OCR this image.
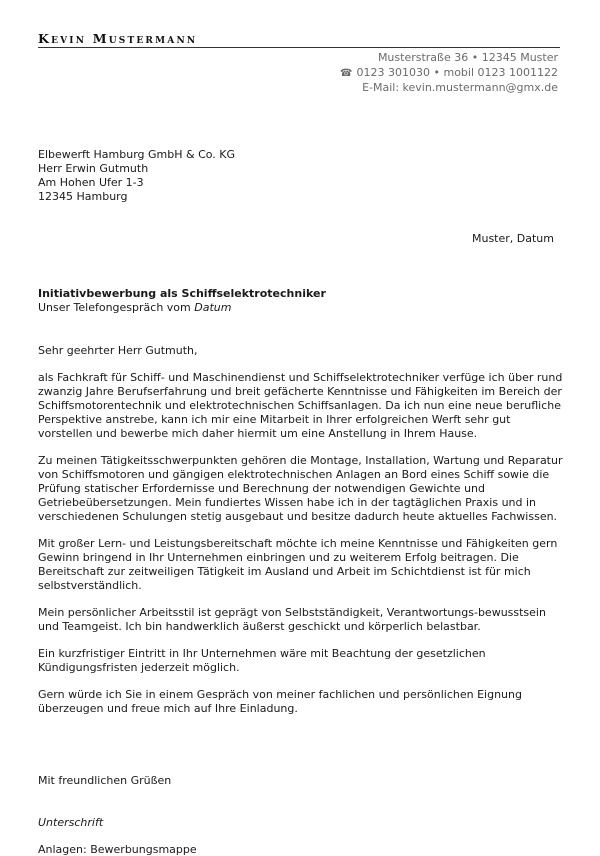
Kevin Mustermann
Musterstraße 36 • 12345 Muster
☎ 0123 301030 • mobil 0123 1001122
E-Mail: kevin.mustermann@gmx.de
Elbewerft Hamburg GmbH & Co. KG
Herr Erwin Gutmuth
Am Hohen Ufer 1-3
12345 Hamburg
Muster, Datum
Initiativbewerbung als Schiffselektrotechniker
Unser Telefongespräch vom Datum
Sehr geehrter Herr Gutmuth,

als Fachkraft für Schiff- und Maschinendienst und Schiffselektrotechniker verfüge ich über rund zwanzig Jahre Berufserfahrung und breit gefächerte Kenntnisse und Fähigkeiten im Bereich der Schiffsmotorentechnik und elektrotechnischen Schiffsanlagen. Da ich nun eine neue berufliche Perspektive anstrebe, kann ich mir eine Mitarbeit in Ihrer erfolgreichen Werft sehr gut vorstellen und bewerbe mich daher hiermit um eine Anstellung in Ihrem Hause.

Zu meinen Tätigkeitsschwerpunkten gehören die Montage, Installation, Wartung und Reparatur von Schiffsmotoren und gängigen elektrotechnischen Anlagen an Bord eines Schiff sowie die Prüfung statischer Erfordernisse und Berechnung der notwendigen Gewichte und Getriebeübersetzungen. Mein fundiertes Wissen habe ich in der tagtäglichen Praxis und in verschiedenen Schulungen stetig ausgebaut und besitze dadurch heute aktuelles Fachwissen.

Mit großer Lern- und Leistungsbereitschaft möchte ich meine Kenntnisse und Fähigkeiten gern Gewinn bringend in Ihr Unternehmen einbringen und zu weiterem Erfolg beitragen. Die Bereitschaft zur zeitweiligen Tätigkeit im Ausland und Arbeit im Schichtdienst ist für mich selbstverständlich.

Mein persönlicher Arbeitsstil ist geprägt von Selbstständigkeit, Verantwortungs-bewusstsein und Teamgeist. Ich bin handwerklich äußerst geschickt und körperlich belastbar.

Ein kurzfristiger Eintritt in Ihr Unternehmen wäre mit Beachtung der gesetzlichen Kündigungsfristen jederzeit möglich.

Gern würde ich Sie in einem Gespräch von meiner fachlichen und persönlichen Eignung überzeugen und freue mich auf Ihre Einladung.

Mit freundlichen Grüßen
Unterschrift
Anlagen: Bewerbungsmappe
